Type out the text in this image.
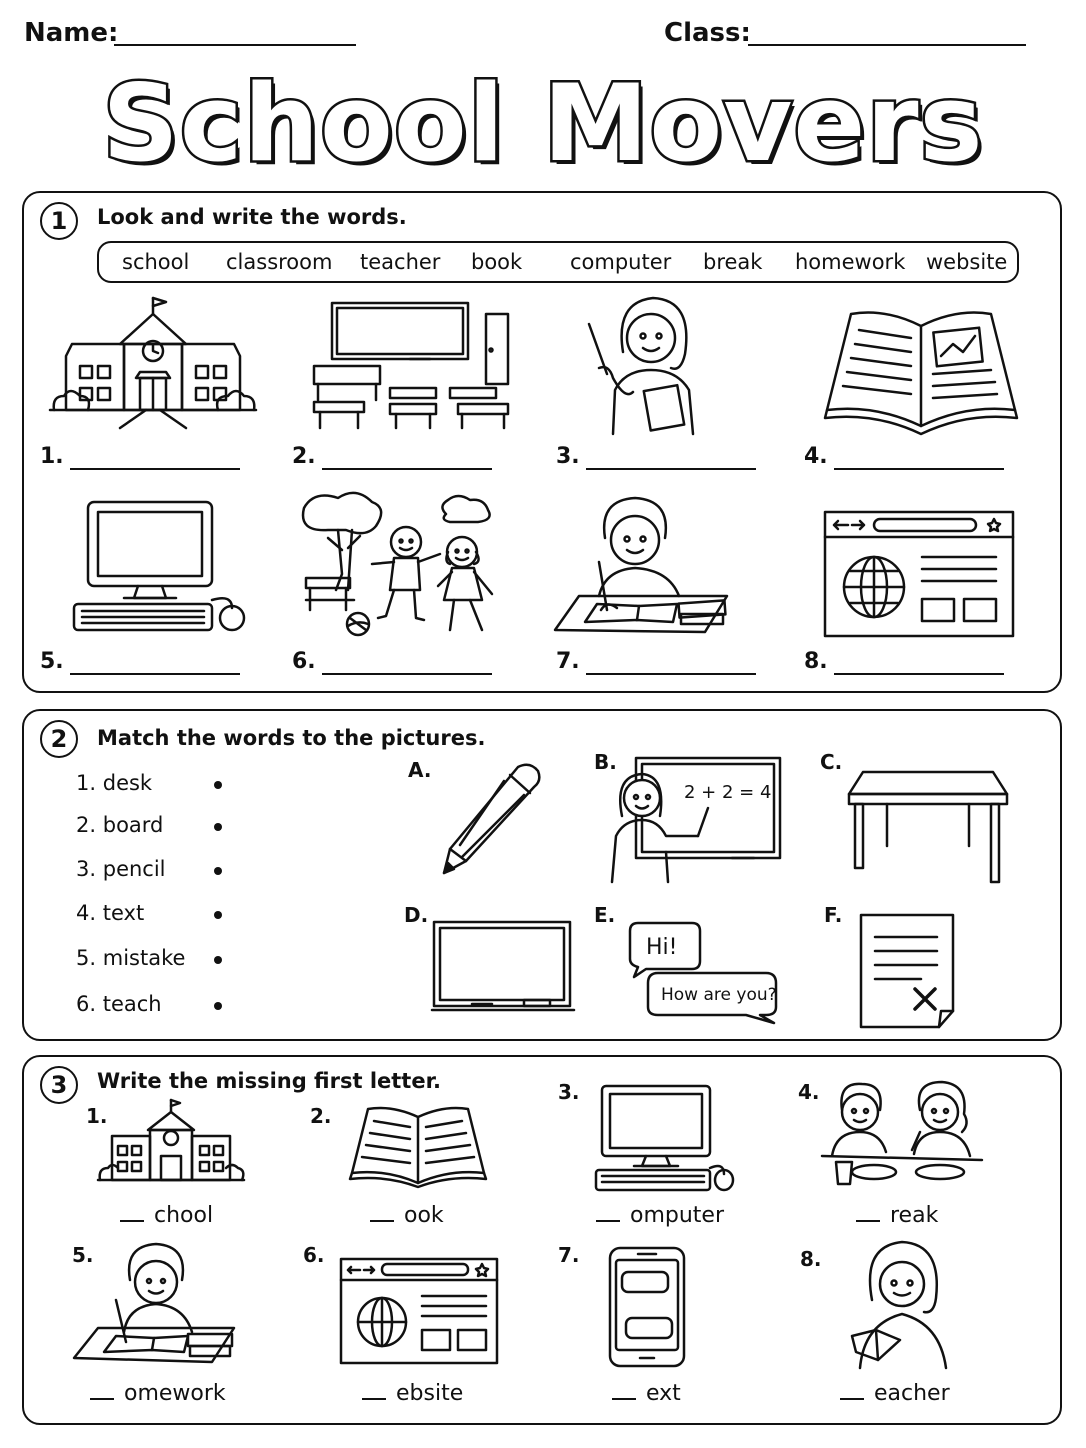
Name:	Class:
School Movers
1	Look and write the words.
school classroom teacher book computer break homework website
1.	2.	3.	4.
5.	6.	7.	8.
2	Match the words to the pictures.
1. desk
2. board
3. pencil
4. text
5. mistake
6. teach
A.	B.	C.
D.	E.	F.
2 + 2 = 4
Hi!
How are you?
3	Write the missing first letter.
1.	2.
3.	4.
5.	6.	7.	8.
chool	ook	omputer	reak
omework	ebsite	ext	eacher
